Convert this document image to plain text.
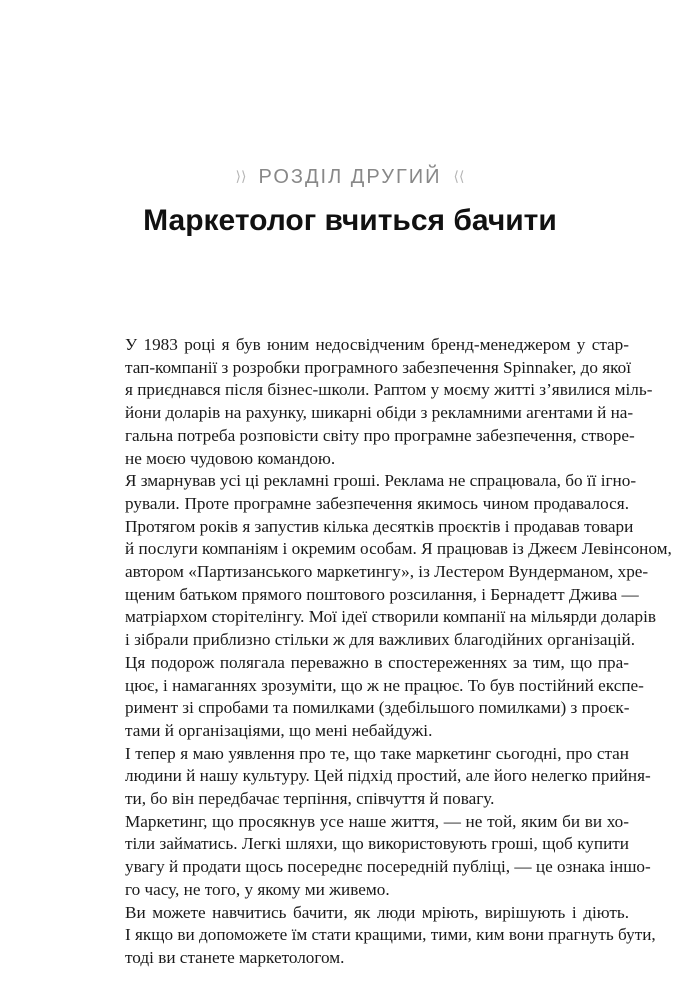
⟩⟩ РОЗДІЛ ДРУГИЙ ⟨⟨
Маркетолог вчиться бачити

У 1983 році я був юним недосвідченим бренд-менеджером у стар-
тап-компанії з розробки програмного забезпечення Spinnaker, до якої
я приєднався після бізнес-школи. Раптом у моєму житті з’явилися міль-
йони доларів на рахунку, шикарні обіди з рекламними агентами й на-
гальна потреба розповісти світу про програмне забезпечення, створе-
не моєю чудовою командою.

Я змарнував усі ці рекламні гроші. Реклама не спрацювала, бо її ігно-
рували. Проте програмне забезпечення якимось чином продавалося.

Протягом років я запустив кілька десятків проєктів і продавав товари
й послуги компаніям і окремим особам. Я працював із Джеєм Левінсоном,
автором «Партизанського маркетингу», із Лестером Вундерманом, хре-
щеним батьком прямого поштового розсилання, і Бернадетт Джива —
матріархом сторітелінгу. Мої ідеї створили компанії на мільярди доларів
і зібрали приблизно стільки ж для важливих благодійних організацій.

Ця подорож полягала переважно в спостереженнях за тим, що пра-
цює, і намаганнях зрозуміти, що ж не працює. То був постійний експе-
римент зі спробами та помилками (здебільшого помилками) з проєк-
тами й організаціями, що мені небайдужі.

І тепер я маю уявлення про те, що таке маркетинг сьогодні, про стан
людини й нашу культуру. Цей підхід простий, але його нелегко прийня-
ти, бо він передбачає терпіння, співчуття й повагу.

Маркетинг, що просякнув усе наше життя, — не той, яким би ви хо-
тіли займатись. Легкі шляхи, що використовують гроші, щоб купити
увагу й продати щось посереднє посередній публіці, — це ознака іншо-
го часу, не того, у якому ми живемо.

Ви можете навчитись бачити, як люди мріють, вирішують і діють.
І якщо ви допоможете їм стати кращими, тими, ким вони прагнуть бути,
тоді ви станете маркетологом.
